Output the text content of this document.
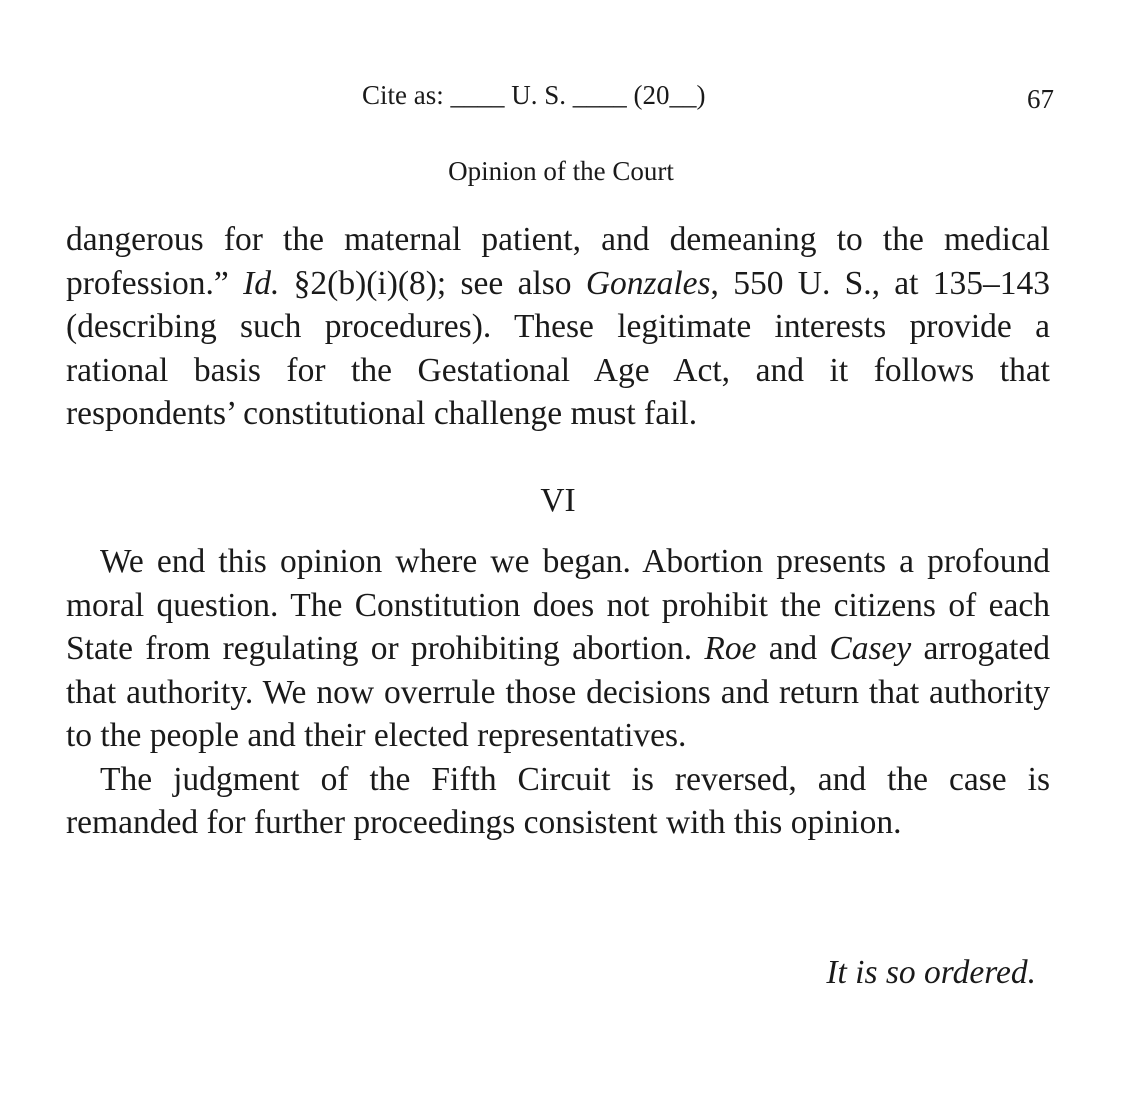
Cite as: ____ U. S. ____ (20__)	67
Opinion of the Court

dangerous for the maternal patient, and demeaning to the medical profession.” Id. §2(b)(i)(8); see also Gonzales, 550 U. S., at 135–143 (describing such procedures). These legitimate interests provide a rational basis for the Gestational Age Act, and it follows that respondents’ constitutional challenge must fail.

VI

We end this opinion where we began. Abortion presents a profound moral question. The Constitution does not prohibit the citizens of each State from regulating or prohibiting abortion. Roe and Casey arrogated that authority. We now overrule those decisions and return that authority to the people and their elected representatives.

The judgment of the Fifth Circuit is reversed, and the case is remanded for further proceedings consistent with this opinion.

It is so ordered.
